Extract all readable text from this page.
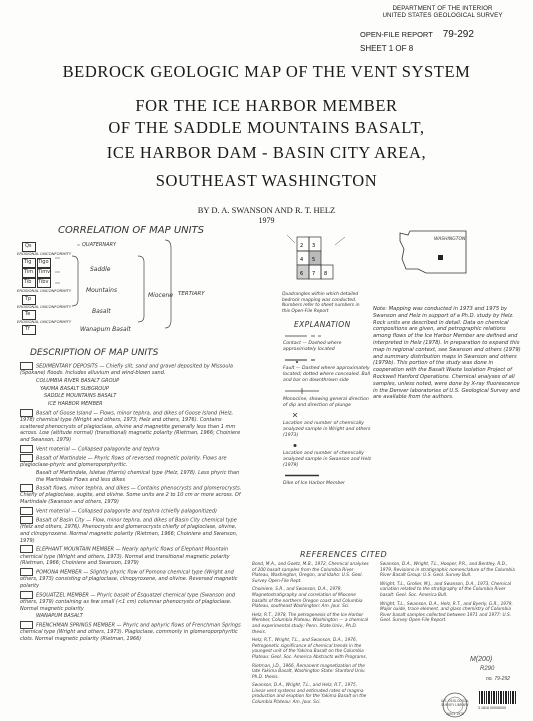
DEPARTMENT OF THE INTERIOR
UNITED STATES GEOLOGICAL SURVEY
OPEN-FILE REPORT 79-292
SHEET 1 OF 8
BEDROCK GEOLOGIC MAP OF THE VENT SYSTEM
FOR THE ICE HARBOR MEMBER
OF THE SADDLE MOUNTAINS BASALT,
ICE HARBOR DAM - BASIN CITY AREA,
SOUTHEAST WASHINGTON
BY D. A. SWANSON AND R. T. HELZ
1979
CORRELATION OF MAP UNITS
Qs	QUATERNARY
EROSIONAL UNCONFORMITY
Tig Tigo
Tim Timv
Tib Tibv
EROSIONAL UNCONFORMITY
Tp
EROSIONAL UNCONFORMITY
Te
EROSIONAL UNCONFORMITY
Tf
Saddle
Mountains
Basalt
Miocene TERTIARY
Wanapum Basalt
DESCRIPTION OF MAP UNITS

SEDIMENTARY DEPOSITS — Chiefly silt, sand and gravel deposited by Missoula (Spokane) floods. Includes alluvium and wind-blown sand.

COLUMBIA RIVER BASALT GROUP

YAKIMA BASALT SUBGROUP

SADDLE MOUNTAINS BASALT

ICE HARBOR MEMBER

Basalt of Goose Island — Flows, minor tephra, and dikes of Goose Island (Helz, 1978) chemical type (Wright and others, 1973; Helz and others, 1976). Contains scattered phenocrysts of plagioclase, olivine and magnetite generally less than 1 mm across. Low (altitude normal) (transitional) magnetic polarity (Rietman, 1966; Choiniere and Swanson, 1979)

Vent material — Collapsed palagonite and tephra

Basalt of Martindale — Phyric flows of reversed magnetic polarity. Flows are plagioclase-phyric and glomeroporphyritic.

Basalt of Martindale, Isletas (Harris) chemical type (Helz, 1978). Less phyric than the Martindale Flows and less dikes

Basalt flows, minor tephra, and dikes — Contains phenocrysts and glomerocrysts. Chiefly of plagioclase, augite, and olivine. Some units are 2 to 10 cm or more across. Of Martindale (Swanson and others, 1979)

Vent material — Collapsed palagonite and tephra (chiefly palagonitized)

Basalt of Basin City — Flow, minor tephra, and dikes of Basin City chemical type (Helz and others, 1976). Phenocrysts and glomerocrysts chiefly of plagioclase, olivine, and clinopyroxene. Normal magnetic polarity (Rietman, 1966; Choiniere and Swanson, 1979)

ELEPHANT MOUNTAIN MEMBER — Nearly aphyric flows of Elephant Mountain chemical type (Wright and others, 1973). Normal and transitional magnetic polarity (Rietman, 1966; Choiniere and Swanson, 1979)

POMONA MEMBER — Slightly phyric flow of Pomona chemical type (Wright and others, 1973) consisting of plagioclase, clinopyroxene, and olivine. Reversed magnetic polarity

ESQUATZEL MEMBER — Phyric basalt of Esquatzel chemical type (Swanson and others, 1979) containing as few small (<1 cm) columnar phenocrysts of plagioclase. Normal magnetic polarity

WANAPUM BASALT

FRENCHMAN SPRINGS MEMBER — Phyric and aphyric flows of Frenchman Springs chemical type (Wright and others, 1973). Plagioclase, commonly in glomeroporphyritic clots. Normal magnetic polarity (Rietman, 1966)

2 3
4 5
6 7 8
WASHINGTON
Quadrangles within which detailed bedrock mapping was conducted. Numbers refer to sheet numbers in this Open-File Report	Note: Mapping was conducted in 1973 and 1975 by Swanson and Helz in support of a Ph.D. study by Helz. Rock units are described in detail. Data on chemical compositions are given, and petrographic relations among flows of the Ice Harbor Member are defined and interpreted in Helz (1978). In preparation to expand this map in regional context, see Swanson and others (1979) and summary distribution maps in Swanson and others (1979b). This portion of the study was done in cooperation with the Basalt Waste Isolation Project of Rockwell Hanford Operations. Chemical analyses of all samples, unless noted, were done by X-ray fluorescence in the Denver laboratories of U.S. Geological Survey and are available from the authors.
EXPLANATION
Contact — Dashed where approximately located
Fault — Dashed where approximately located; dotted where concealed. Ball and bar on downthrown side
Monocline, showing general direction of dip and direction of plunge
Location and number of chemically analyzed sample in Wright and others (1973)
Location and number of chemically analyzed sample in Swanson and Helz (1979)
Dike of Ice Harbor Member
REFERENCES CITED

Bond, M.A., and Goetz, M.B., 1972, Chemical analyses of 200 basalt samples from the Columbia River Plateau, Washington, Oregon, and Idaho: U.S. Geol. Survey Open-File Rept.

Choiniere, S.R., and Swanson, D.A., 1979, Magnetostratigraphy and correlation of Miocene basalts of the northern Oregon coast and Columbia Plateau, southeast Washington: Am. Jour. Sci.

Helz, R.T., 1978, The petrogenesis of the Ice Harbor Member, Columbia Plateau, Washington — a chemical and experimental study: Penn. State Univ., Ph.D. thesis.

Helz, R.T., Wright, T.L., and Swanson, D.A., 1976, Petrogenetic significance of chemical trends in the youngest unit of the Yakima Basalt on the Columbia Plateau: Geol. Soc. America Abstracts with Programs.

Rietman, J.D., 1966, Remanent magnetization of the late Yakima Basalt, Washington State: Stanford Univ. Ph.D. thesis.

Swanson, D.A., Wright, T.L., and Helz, R.T., 1975, Linear vent systems and estimated rates of magma production and eruption for the Yakima Basalt on the Columbia Plateau: Am. Jour. Sci.

Swanson, D.A., Wright, T.L., Hooper, P.R., and Bentley, R.D., 1979, Revisions in stratigraphic nomenclature of the Columbia River Basalt Group: U.S. Geol. Survey Bull.

Wright, T.L., Grolier, M.J., and Swanson, D.A., 1973, Chemical variation related to the stratigraphy of the Columbia River basalt: Geol. Soc. America Bull.

Wright, T.L., Swanson, D.A., Helz, R.T., and Byerly, G.R., 1979, Major oxide, trace element, and glass chemistry of Columbia River basalt samples collected between 1971 and 1977: U.S. Geol. Survey Open-File Report.

M(200)
R290
no. 79-292
U.S. GEOLOGICAL SURVEY LIBRARY
JAN 4 1979
3 1818 00006000
